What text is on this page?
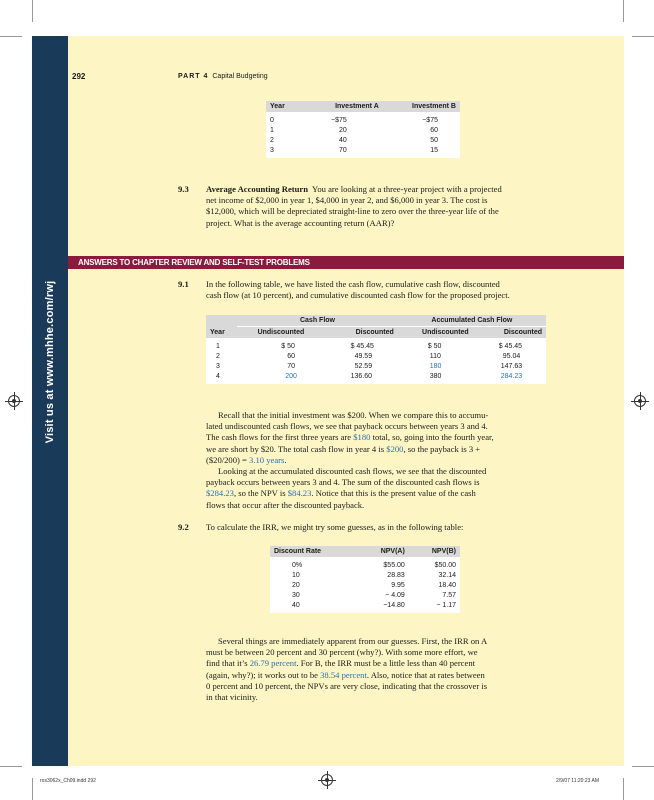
Visit us at www.mhhe.com/rwj
292	PART 4 Capital Budgeting
Year	Investment A	Investment B
0	−$75	−$75
1	20	60
2	40	50
3	70	15
9.3 Average Accounting Return You are looking at a three-year project with a projected
net income of $2,000 in year 1, $4,000 in year 2, and $6,000 in year 3. The cost is
$12,000, which will be depreciated straight-line to zero over the three-year life of the
project. What is the average accounting return (AAR)?
ANSWERS TO CHAPTER REVIEW AND SELF-TEST PROBLEMS
9.1 In the following table, we have listed the cash flow, cumulative cash flow, discounted
cash flow (at 10 percent), and cumulative discounted cash flow for the proposed project.
	Cash Flow		Accumulated Cash Flow	
Year	Undiscounted	Discounted	Undiscounted	Discounted
1	$ 50	$ 45.45	$ 50	$ 45.45
2	60	49.59	110	95.04
3	70	52.59	180	147.63
4	200	136.60	380	284.23
Recall that the initial investment was $200. When we compare this to accumu-
lated undiscounted cash flows, we see that payback occurs between years 3 and 4.
The cash flows for the first three years are $180 total, so, going into the fourth year,
we are short by $20. The total cash flow in year 4 is $200, so the payback is 3 +
($20/200) = 3.10 years.
Looking at the accumulated discounted cash flows, we see that the discounted
payback occurs between years 3 and 4. The sum of the discounted cash flows is
$284.23, so the NPV is $84.23. Notice that this is the present value of the cash
flows that occur after the discounted payback.
9.2 To calculate the IRR, we might try some guesses, as in the following table:
Discount Rate	NPV(A)	NPV(B)
0%	$55.00	$50.00
10	28.83	32.14
20	9.95	18.40
30	− 4.09	7.57
40	−14.80	− 1.17
Several things are immediately apparent from our guesses. First, the IRR on A
must be between 20 percent and 30 percent (why?). With some more effort, we
find that it’s 26.79 percent. For B, the IRR must be a little less than 40 percent
(again, why?); it works out to be 38.54 percent. Also, notice that at rates between
0 percent and 10 percent, the NPVs are very close, indicating that the crossover is
in that vicinity.
ros3062x_Ch09.indd 292	2/9/07 11:20:23 AM
